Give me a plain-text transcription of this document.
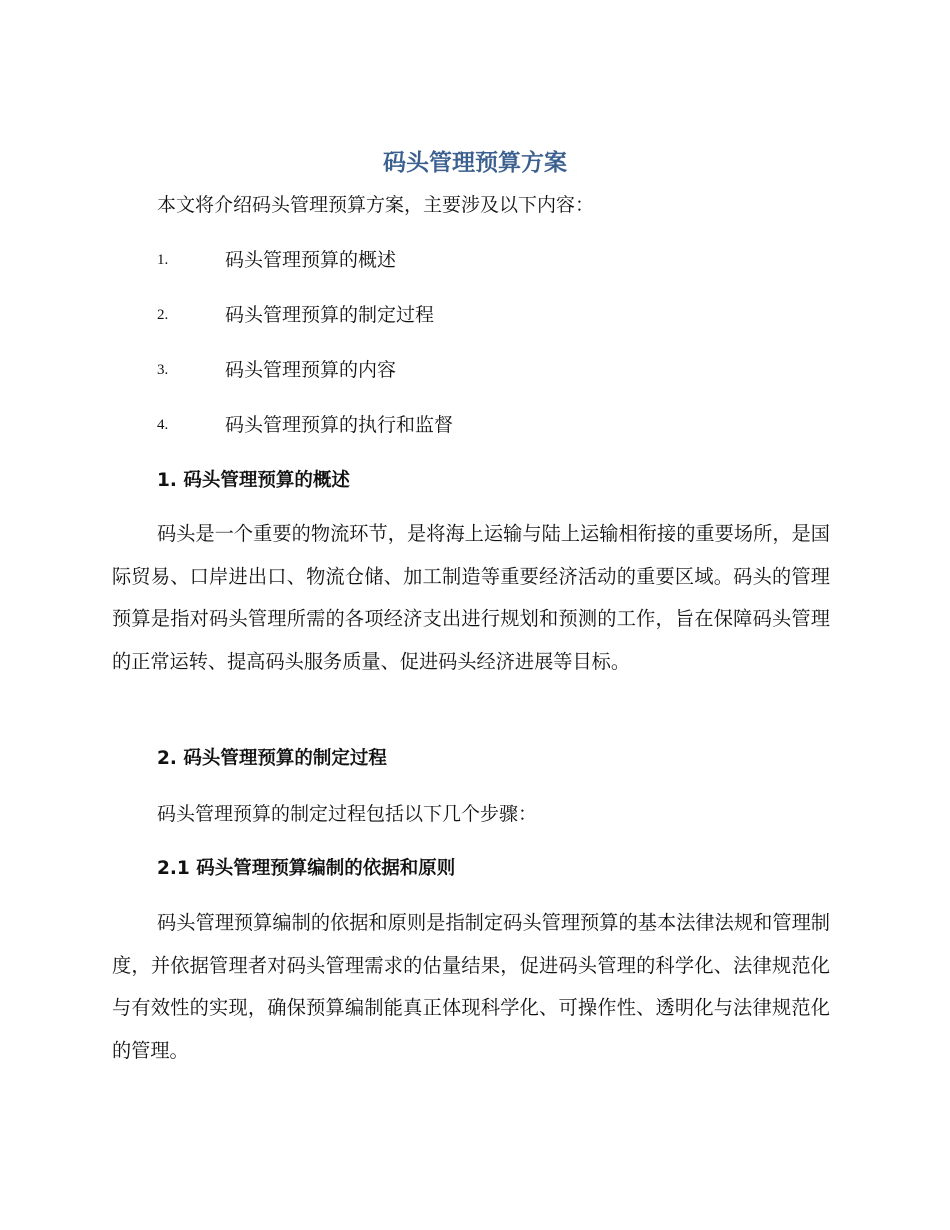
码头管理预算方案

本文将介绍码头管理预算方案，主要涉及以下内容：

1.	码头管理预算的概述
2.	码头管理预算的制定过程
3.	码头管理预算的内容
4.	码头管理预算的执行和监督
1. 码头管理预算的概述

码头是一个重要的物流环节，是将海上运输与陆上运输相衔接的重要场所，是国际贸易、口岸进出口、物流仓储、加工制造等重要经济活动的重要区域。码头的管理预算是指对码头管理所需的各项经济支出进行规划和预测的工作，旨在保障码头管理的正常运转、提高码头服务质量、促进码头经济进展等目标。

2. 码头管理预算的制定过程

码头管理预算的制定过程包括以下几个步骤：

2.1 码头管理预算编制的依据和原则

码头管理预算编制的依据和原则是指制定码头管理预算的基本法律法规和管理制度，并依据管理者对码头管理需求的估量结果，促进码头管理的科学化、法律规范化与有效性的实现，确保预算编制能真正体现科学化、可操作性、透明化与法律规范化的管理。
